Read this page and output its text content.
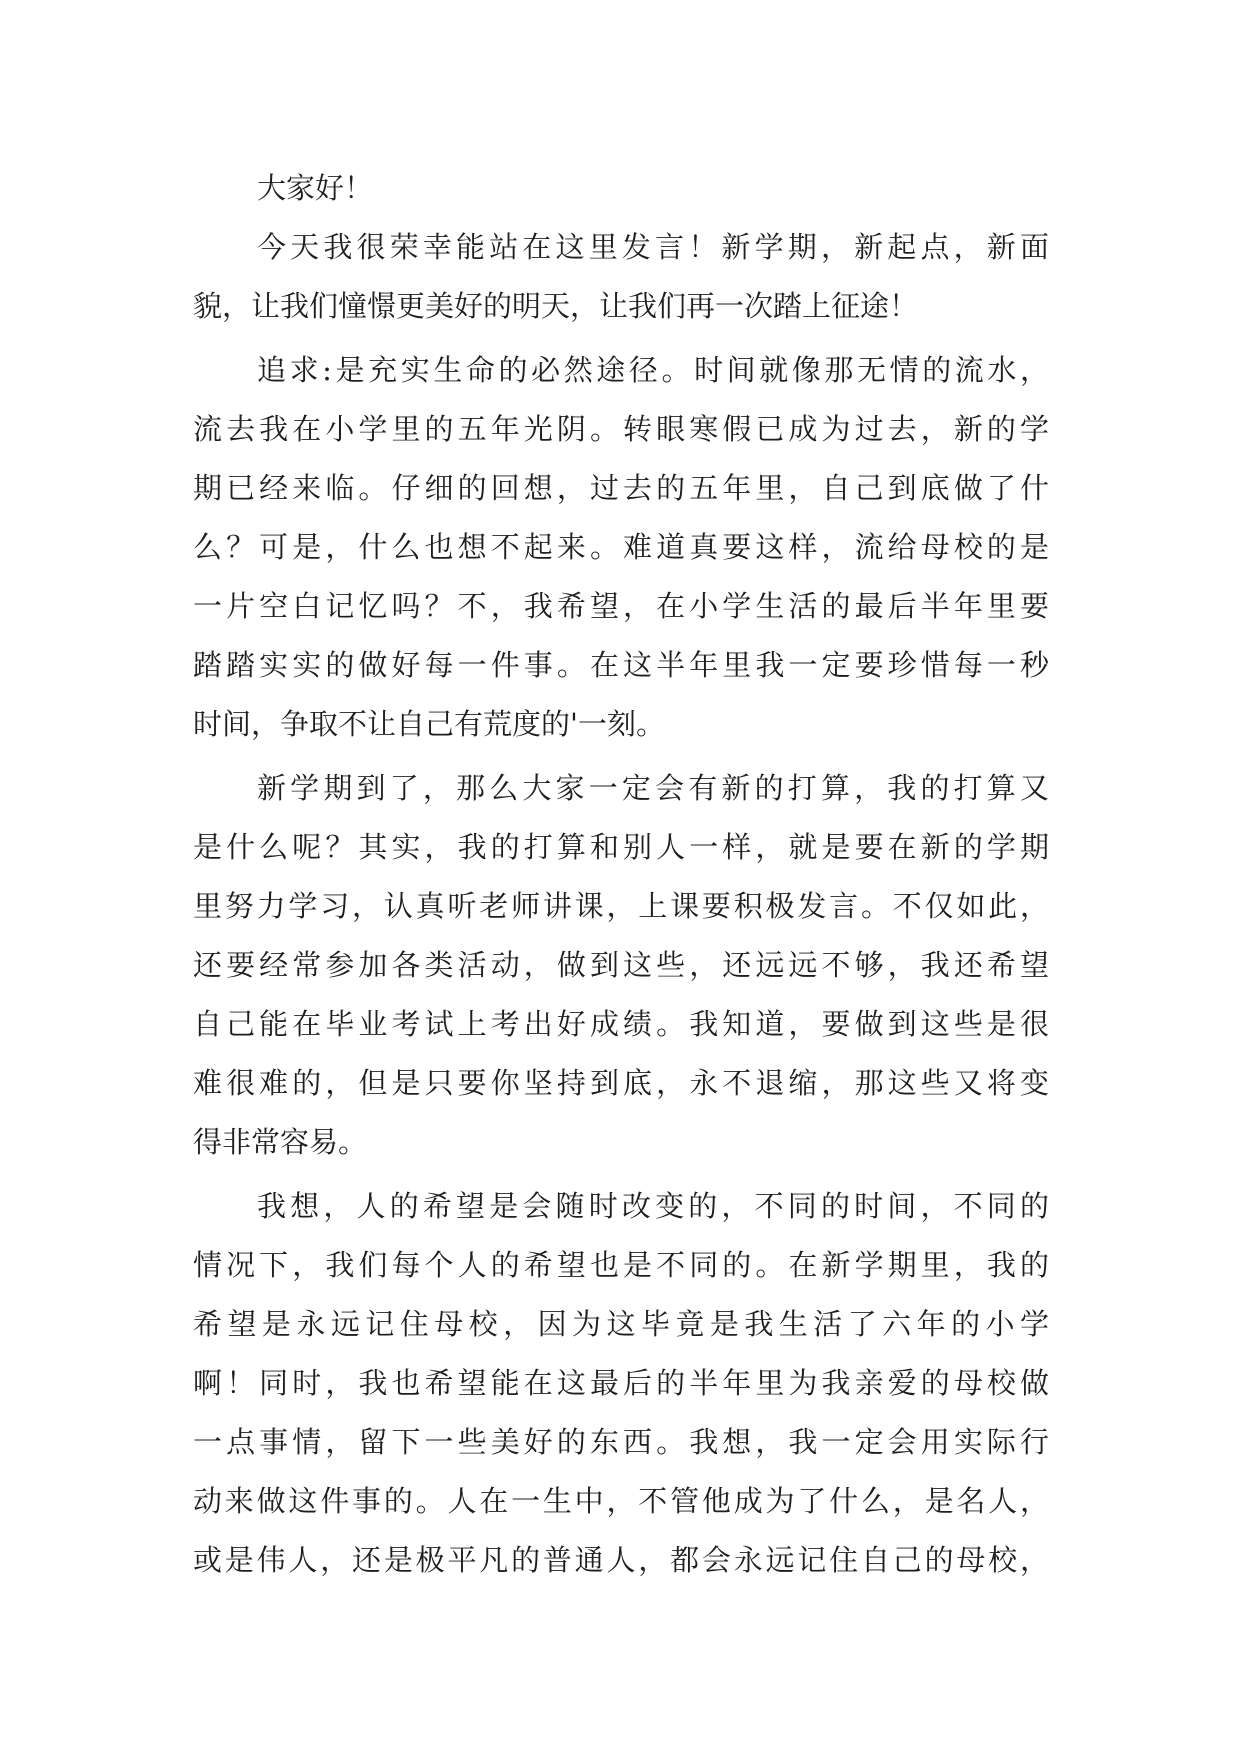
大家好！
今天我很荣幸能站在这里发言！新学期，新起点，新面
貌，让我们憧憬更美好的明天，让我们再一次踏上征途！
追求:是充实生命的必然途径。时间就像那无情的流水，
流去我在小学里的五年光阴。转眼寒假已成为过去，新的学
期已经来临。仔细的回想，过去的五年里，自己到底做了什
么？可是，什么也想不起来。难道真要这样，流给母校的是
一片空白记忆吗？不，我希望，在小学生活的最后半年里要
踏踏实实的做好每一件事。在这半年里我一定要珍惜每一秒
时间，争取不让自己有荒度的'一刻。
新学期到了，那么大家一定会有新的打算，我的打算又
是什么呢？其实，我的打算和别人一样，就是要在新的学期
里努力学习，认真听老师讲课，上课要积极发言。不仅如此，
还要经常参加各类活动，做到这些，还远远不够，我还希望
自己能在毕业考试上考出好成绩。我知道，要做到这些是很
难很难的，但是只要你坚持到底，永不退缩，那这些又将变
得非常容易。
我想，人的希望是会随时改变的，不同的时间，不同的
情况下，我们每个人的希望也是不同的。在新学期里，我的
希望是永远记住母校，因为这毕竟是我生活了六年的小学
啊！同时，我也希望能在这最后的半年里为我亲爱的母校做
一点事情，留下一些美好的东西。我想，我一定会用实际行
动来做这件事的。人在一生中，不管他成为了什么，是名人，
或是伟人，还是极平凡的普通人，都会永远记住自己的母校，
